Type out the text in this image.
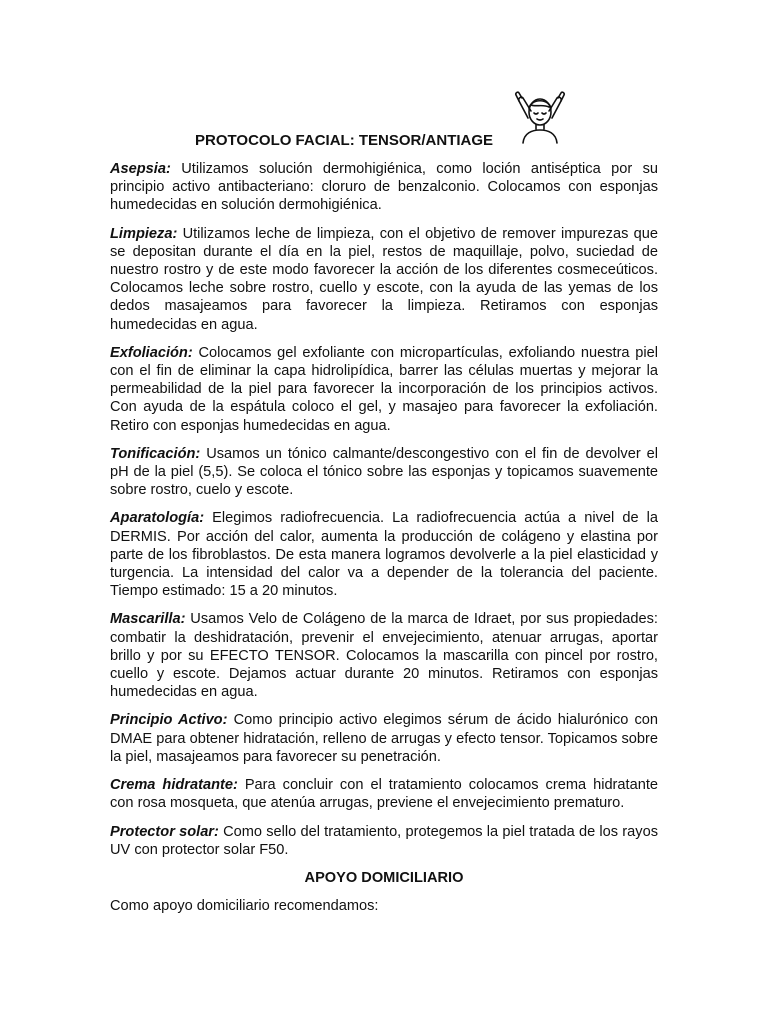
PROTOCOLO FACIAL: TENSOR/ANTIAGE

Asepsia: Utilizamos solución dermohigiénica, como loción antiséptica por su principio activo antibacteriano: cloruro de benzalconio. Colocamos con esponjas humedecidas en solución dermohigiénica.

Limpieza: Utilizamos leche de limpieza, con el objetivo de remover impurezas que se depositan durante el día en la piel, restos de maquillaje, polvo, suciedad de nuestro rostro y de este modo favorecer la acción de los diferentes cosmeceúticos. Colocamos leche sobre rostro, cuello y escote, con la ayuda de las yemas de los dedos masajeamos para favorecer la limpieza. Retiramos con esponjas humedecidas en agua.

Exfoliación: Colocamos gel exfoliante con micropartículas, exfoliando nuestra piel con el fin de eliminar la capa hidrolipídica, barrer las células muertas y mejorar la permeabilidad de la piel para favorecer la incorporación de los principios activos. Con ayuda de la espátula coloco el gel, y masajeo para favorecer la exfoliación. Retiro con esponjas humedecidas en agua.

Tonificación: Usamos un tónico calmante/descongestivo con el fin de devolver el pH de la piel (5,5). Se coloca el tónico sobre las esponjas y topicamos suavemente sobre rostro, cuelo y escote.

Aparatología: Elegimos radiofrecuencia. La radiofrecuencia actúa a nivel de la DERMIS. Por acción del calor, aumenta la producción de colágeno y elastina por parte de los fibroblastos. De esta manera logramos devolverle a la piel elasticidad y turgencia. La intensidad del calor va a depender de la tolerancia del paciente. Tiempo estimado: 15 a 20 minutos.

Mascarilla: Usamos Velo de Colágeno de la marca de Idraet, por sus propiedades: combatir la deshidratación, prevenir el envejecimiento, atenuar arrugas, aportar brillo y por su EFECTO TENSOR. Colocamos la mascarilla con pincel por rostro, cuello y escote. Dejamos actuar durante 20 minutos. Retiramos con esponjas humedecidas en agua.

Principio Activo: Como principio activo elegimos sérum de ácido hialurónico con DMAE para obtener hidratación, relleno de arrugas y efecto tensor. Topicamos sobre la piel, masajeamos para favorecer su penetración.

Crema hidratante: Para concluir con el tratamiento colocamos crema hidratante con rosa mosqueta, que atenúa arrugas, previene el envejecimiento prematuro.

Protector solar: Como sello del tratamiento, protegemos la piel tratada de los rayos UV con protector solar F50.

APOYO DOMICILIARIO

Como apoyo domiciliario recomendamos:
